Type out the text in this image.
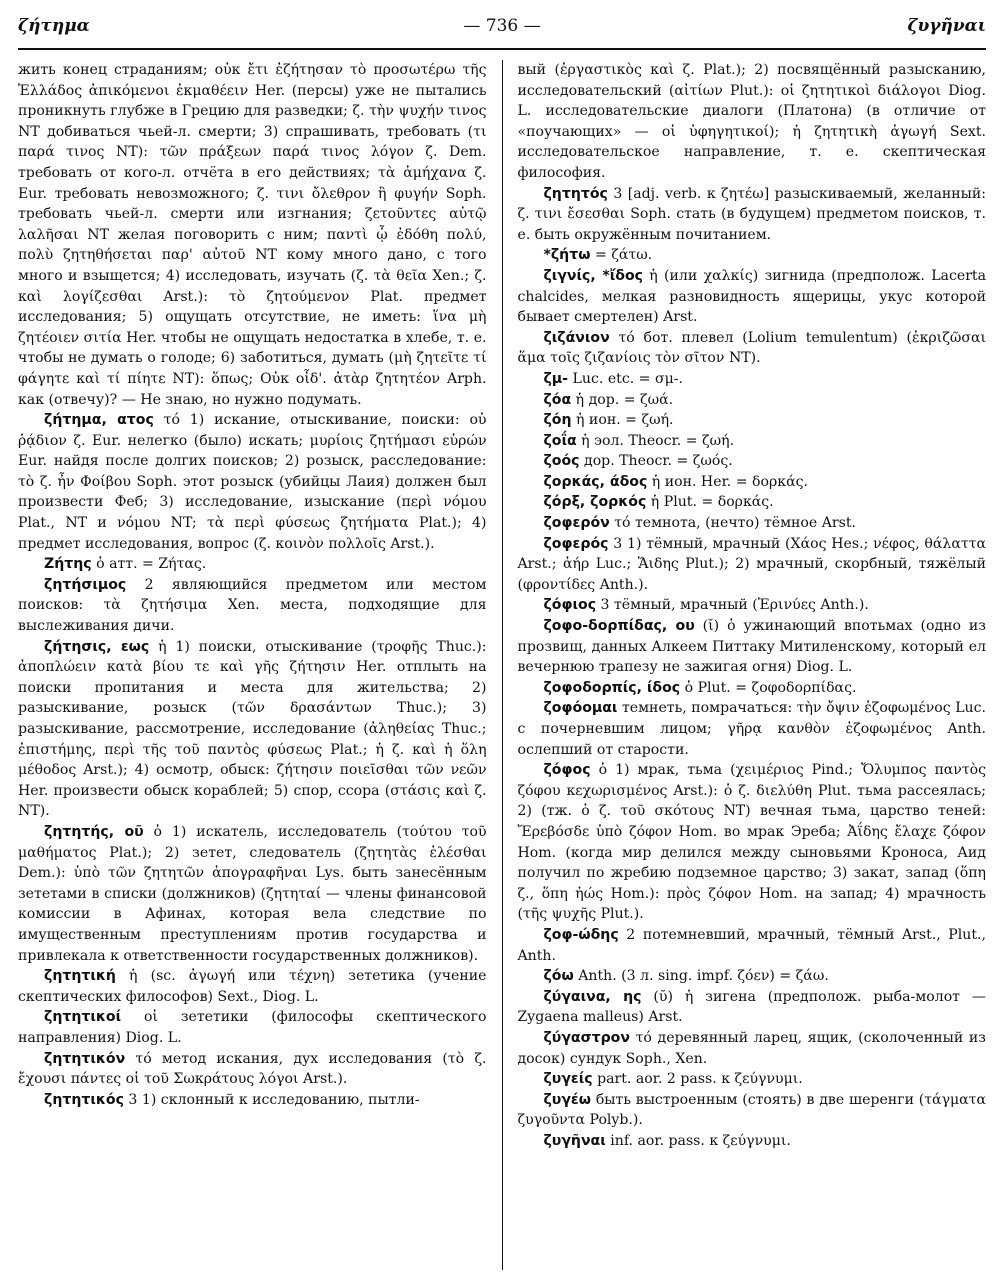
ζήτημα	— 736 —	ζυγῆναι

жить конец страданиям; οὐκ ἔτι ἐζήτησαν τὸ προσωτέρω τῆς Ἑλλάδος ἀπικόμενοι ἐκμαθέειν Her. (персы) уже не пытались проникнуть глубже в Грецию для разведки; ζ. τὴν ψυχήν τινος NT добиваться чьей-л. смерти; 3) спрашивать, требовать (τι παρά τινος NT): τῶν πράξεων παρά τινος λόγον ζ. Dem. требовать от кого-л. отчёта в его действиях; τὰ ἀμήχανα ζ. Eur. требовать невозможного; ζ. τινι ὄλεθρον ἢ φυγήν Soph. требовать чьей-л. смерти или изгнания; ζετοῦντες αὐτῷ λαλῆσαι NT желая поговорить с ним; παντὶ ᾧ ἐδόθη πολύ, πολὺ ζητηθήσεται παρ' αὐτοῦ NT кому много дано, с того много и взыщется; 4) исследовать, изучать (ζ. τὰ θεῖα Xen.; ζ. καὶ λογίζεσθαι Arst.): τὸ ζητούμενον Plat. предмет исследования; 5) ощущать отсутствие, не иметь: ἵνα μὴ ζητέοιεν σιτία Her. чтобы не ощущать недостатка в хлебе, т. е. чтобы не думать о голоде; 6) заботиться, думать (μὴ ζητεῖτε τί φάγητε καὶ τί πίητε NT): ὅπως; Οὐκ οἶδ'. ἀτὰρ ζητητέον Arph. как (отвечу)? — Не знаю, но нужно подумать.

ζήτημα, ατος τό 1) искание, отыскивание, поиски: οὐ ῥᾴδιον ζ. Eur. нелегко (было) искать; μυρίοις ζητήμασι εὑρών Eur. найдя после долгих поисков; 2) розыск, расследование: τὸ ζ. ἦν Φοίβου Soph. этот розыск (убийцы Лаия) должен был произвести Феб; 3) исследование, изыскание (περὶ νόμου Plat., NT и νόμου NT; τὰ περὶ φύσεως ζητήματα Plat.); 4) предмет исследования, вопрос (ζ. κοινὸν πολλοῖς Arst.).

Ζήτης ὁ атт. = Ζήτας.

ζητήσιμος 2 являющийся предметом или местом поисков: τὰ ζητήσιμα Xen. места, подходящие для выслеживания дичи.

ζήτησις, εως ἡ 1) поиски, отыскивание (τροφῆς Thuc.): ἀποπλώειν κατὰ βίου τε καὶ γῆς ζήτησιν Her. отплыть на поиски пропитания и места для жительства; 2) разыскивание, розыск (τῶν δρασάντων Thuc.); 3) разыскивание, рассмотрение, исследование (ἀληθείας Thuc.; ἐπιστήμης, περὶ τῆς τοῦ παντὸς φύσεως Plat.; ἡ ζ. καὶ ἡ ὅλη μέθοδος Arst.); 4) осмотр, обыск: ζήτησιν ποιεῖσθαι τῶν νεῶν Her. произвести обыск кораблей; 5) спор, ссора (στάσις καὶ ζ. NT).

ζητητής, οῦ ὁ 1) искатель, исследователь (τούτου τοῦ μαθήματος Plat.); 2) зетет, следователь (ζητητὰς ἑλέσθαι Dem.): ὑπὸ τῶν ζητητῶν ἀπογραφῆναι Lys. быть занесённым зететами в списки (должников) (ζητηταί — члены финансовой комиссии в Афинах, которая вела следствие по имущественным преступлениям против государства и привлекала к ответственности государственных должников).

ζητητική ἡ (sc. ἀγωγή или τέχνη) зететика (учение скептических философов) Sext., Diog. L.

ζητητικοί οἱ зететики (философы скептического направления) Diog. L.

ζητητικόν τό метод искания, дух исследования (τὸ ζ. ἔχουσι πάντες οἱ τοῦ Σωκράτους λόγοι Arst.).

ζητητικός 3 1) склонный к исследованию, пытли-

вый (ἐργαστικὸς καὶ ζ. Plat.); 2) посвящённый разысканию, исследовательский (αἰτίων Plut.): οἱ ζητητικοὶ διάλογοι Diog. L. исследовательские диалоги (Платона) (в отличие от «поучающих» — οἱ ὑφηγητικοί); ἡ ζητητικὴ ἀγωγή Sext. исследовательское направление, т. е. скептическая философия.

ζητητός 3 [adj. verb. к ζητέω] разыскиваемый, желанный: ζ. τινι ἔσεσθαι Soph. стать (в будущем) предметом поисков, т. е. быть окружённым почитанием.

*ζήτω = ζάτω.

ζιγνίς, *ἴδος ἡ (или χαλκίς) зигнида (предполож. Lacerta chalcides, мелкая разновидность ящерицы, укус которой бывает смертелен) Arst.

ζιζάνιον τό бот. плевел (Lolium temulentum) (ἐκριζῶσαι ἅμα τοῖς ζιζανίοις τὸν σῖτον NT).

ζμ- Luc. etc. = σμ-.

ζόα ἡ дор. = ζωά.

ζόη ἡ ион. = ζωή.

ζοΐα ἡ эол. Theocr. = ζωή.

ζοός дор. Theocr. = ζωός.

ζορκάς, άδος ἡ ион. Her. = δορκάς.

ζόρξ, ζορκός ἡ Plut. = δορκάς.

ζοφερόν τό темнота, (нечто) тёмное Arst.

ζοφερός 3 1) тёмный, мрачный (Χάος Hes.; νέφος, θάλαττα Arst.; ἀήρ Luc.; Ἅιδης Plut.); 2) мрачный, скорбный, тяжёлый (φροντίδες Anth.).

ζόφιος 3 тёмный, мрачный (Ἐρινύες Anth.).

ζοφο-δορπίδας, ου (ῐ) ὁ ужинающий впотьмах (одно из прозвищ, данных Алкеем Питтаку Митиленскому, который ел вечернюю трапезу не зажигая огня) Diog. L.

ζοφοδορπίς, ίδος ὁ Plut. = ζοφοδορπίδας.

ζοφόομαι темнеть, помрачаться: τὴν ὄψιν ἐζοφωμένος Luc. с почерневшим лицом; γῆρᾳ κανθὸν ἐζοφωμένος Anth. ослепший от старости.

ζόφος ὁ 1) мрак, тьма (χειμέριος Pind.; Ὄλυμπος παντὸς ζόφου κεχωρισμένος Arst.): ὁ ζ. διελύθη Plut. тьма рассеялась; 2) (тж. ὁ ζ. τοῦ σκότους NT) вечная тьма, царство теней: Ἔρεβόσδε ὑπὸ ζόφον Hom. во мрак Эреба; Ἀΐδης ἔλαχε ζόφον Hom. (когда мир делился между сыновьями Кроноса, Аид получил по жребию подземное царство; 3) закат, запад (ὅπη ζ., ὅπη ἠώς Hom.): πρὸς ζόφον Hom. на запад; 4) мрачность (τῆς ψυχῆς Plut.).

ζοφ-ώδης 2 потемневший, мрачный, тёмный Arst., Plut., Anth.

ζόω Anth. (3 л. sing. impf. ζόεν) = ζάω.

ζύγαινα, ης (ῠ) ἡ зигена (предполож. рыба-молот — Zygaena malleus) Arst.

ζύγαστρον τό деревянный ларец, ящик, (сколоченный из досок) сундук Soph., Xen.

ζυγείς part. aor. 2 pass. к ζεύγνυμι.

ζυγέω быть выстроенным (стоять) в две шеренги (τάγματα ζυγοῦντα Polyb.).

ζυγῆναι inf. aor. pass. к ζεύγνυμι.
